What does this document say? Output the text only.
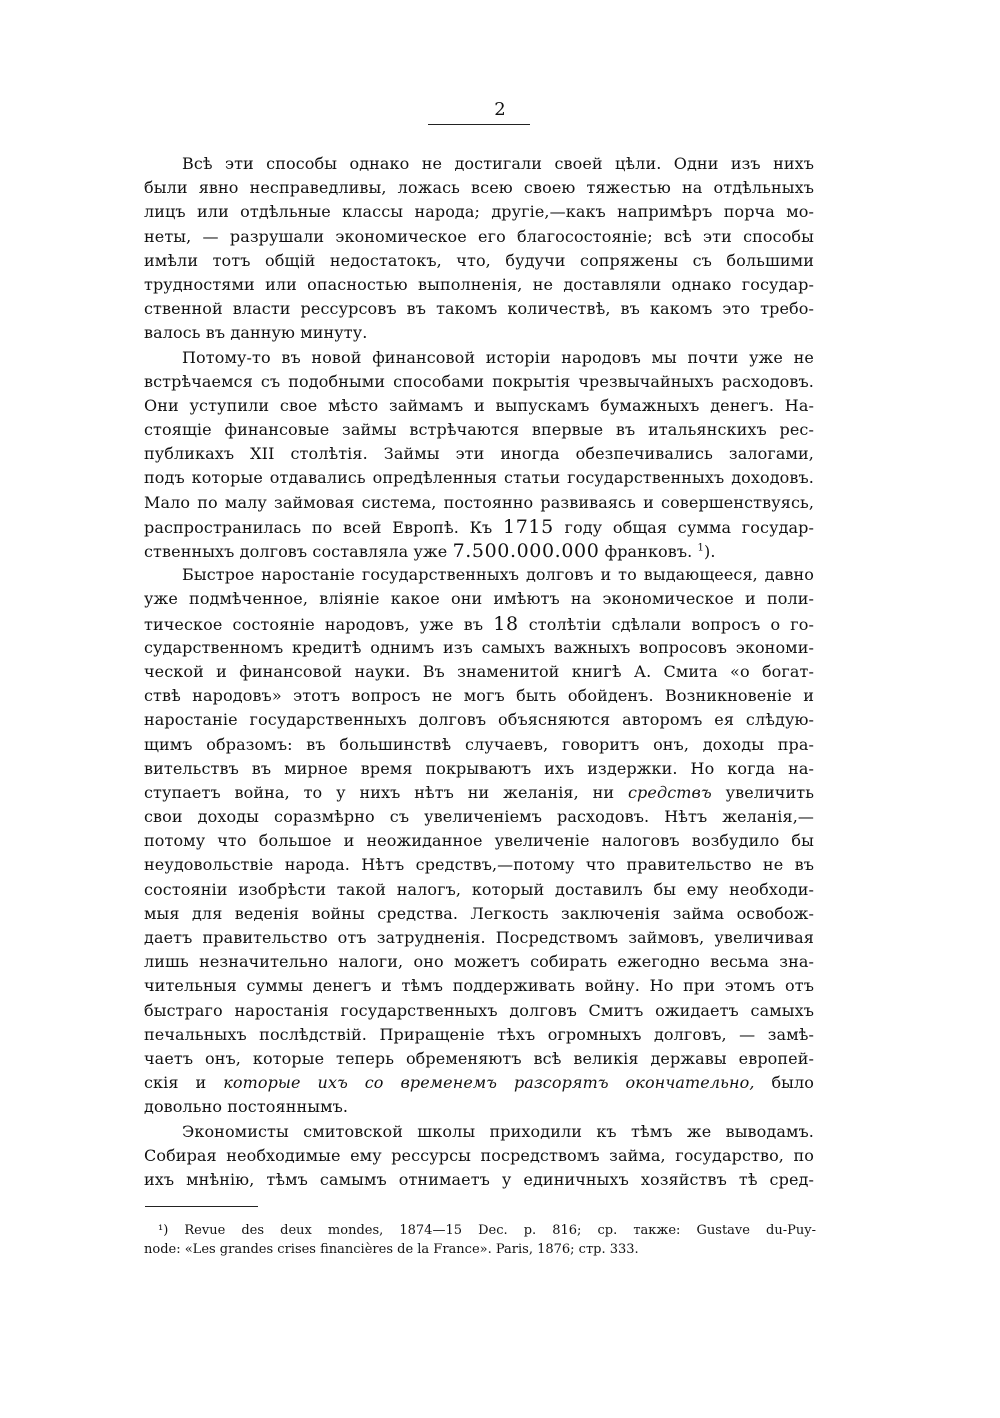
2
Всѣ эти способы однако не достигали своей цѣли. Одни изъ нихъ
были явно несправедливы, ложась всею своею тяжестью на отдѣльныхъ
лицъ или отдѣльные классы народа; другіе,—какъ напримѣръ порча мо-
неты, — разрушали экономическое его благосостояніе; всѣ эти способы
имѣли тотъ общій недостатокъ, что, будучи сопряжены съ большими
трудностями или опасностью выполненія, не доставляли однако государ-
ственной власти рессурсовъ въ такомъ количествѣ, въ какомъ это требо-
валось въ данную минуту.
Потому-то въ новой финансовой исторіи народовъ мы почти уже не
встрѣчаемся съ подобными способами покрытія чрезвычайныхъ расходовъ.
Они уступили свое мѣсто займамъ и выпускамъ бумажныхъ денегъ. На-
стоящіе финансовые займы встрѣчаются впервые въ итальянскихъ рес-
публикахъ XII столѣтія. Займы эти иногда обезпечивались залогами,
подъ которые отдавались опредѣленныя статьи государственныхъ доходовъ.
Мало по малу займовая система, постоянно развиваясь и совершенствуясь,
распространилась по всей Европѣ. Къ 1715 году общая сумма государ-
ственныхъ долговъ составляла уже 7.500.000.000 франковъ. $^1$).
Быстрое наростаніе государственныхъ долговъ и то выдающееся, давно
уже подмѣченное, вліяніе какое они имѣютъ на экономическое и поли-
тическое состояніе народовъ, уже въ 18 столѣтіи сдѣлали вопросъ о го-
сударственномъ кредитѣ однимъ изъ самыхъ важныхъ вопросовъ экономи-
ческой и финансовой науки. Въ знаменитой книгѣ А. Смита «о богат-
ствѣ народовъ» этотъ вопросъ не могъ быть обойденъ. Возникновеніе и
наростаніе государственныхъ долговъ объясняются авторомъ ея слѣдую-
щимъ образомъ: въ большинствѣ случаевъ, говоритъ онъ, доходы пра-
вительствъ въ мирное время покрываютъ ихъ издержки. Но когда на-
ступаетъ война, то у нихъ нѣтъ ни желанія, ни средствъ увеличить
свои доходы соразмѣрно съ увеличеніемъ расходовъ. Нѣтъ желанія,—
потому что большое и неожиданное увеличеніе налоговъ возбудило бы
неудовольствіе народа. Нѣтъ средствъ,—потому что правительство не въ
состояніи изобрѣсти такой налогъ, который доставилъ бы ему необходи-
мыя для веденія войны средства. Легкость заключенія займа освобож-
даетъ правительство отъ затрудненія. Посредствомъ займовъ, увеличивая
лишь незначительно налоги, оно можетъ собирать ежегодно весьма зна-
чительныя суммы денегъ и тѣмъ поддерживать войну. Но при этомъ отъ
быстраго наростанія государственныхъ долговъ Смитъ ожидаетъ самыхъ
печальныхъ послѣдствій. Приращеніе тѣхъ огромныхъ долговъ, — замѣ-
чаетъ онъ, которые теперь обременяютъ всѣ великія державы европей-
скія и которые ихъ со временемъ разсорятъ окончательно, было
довольно постояннымъ.
Экономисты смитовской школы приходили къ тѣмъ же выводамъ.
Собирая необходимые ему рессурсы посредствомъ займа, государство, по
ихъ мнѣнію, тѣмъ самымъ отнимаетъ у единичныхъ хозяйствъ тѣ сред-
¹) Revue des deux mondes, 1874—15 Dec. p. 816; ср. также: Gustave du-Puy-
node: «Les grandes crises financières de la France». Paris, 1876; стр. 333.
